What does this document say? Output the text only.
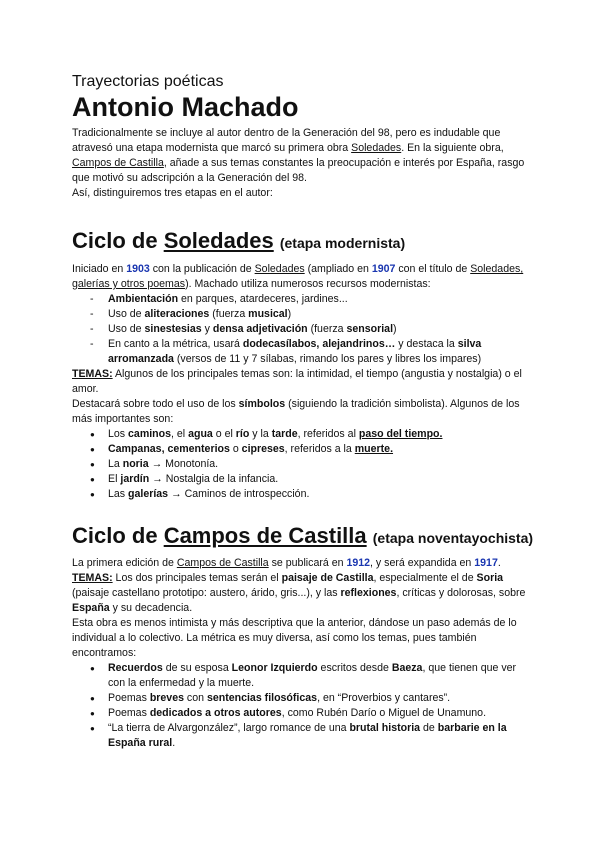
Trayectorias poéticas
Antonio Machado

Tradicionalmente se incluye al autor dentro de la Generación del 98, pero es indudable que atravesó una etapa modernista que marcó su primera obra Soledades. En la siguiente obra, Campos de Castilla, añade a sus temas constantes la preocupación e interés por España, rasgo que motivó su adscripción a la Generación del 98.

Así, distinguiremos tres etapas en el autor:

Ciclo de Soledades (etapa modernista)

Iniciado en 1903 con la publicación de Soledades (ampliado en 1907 con el título de Soledades, galerías y otros poemas). Machado utiliza numerosos recursos modernistas:

- Ambientación en parques, atardeceres, jardines...
- Uso de aliteraciones (fuerza musical)
- Uso de sinestesias y densa adjetivación (fuerza sensorial)
- En canto a la métrica, usará dodecasílabos, alejandrinos… y destaca la silva arromanzada (versos de 11 y 7 sílabas, rimando los pares y libres los impares)

TEMAS: Algunos de los principales temas son: la intimidad, el tiempo (angustia y nostalgia) o el amor.

Destacará sobre todo el uso de los símbolos (siguiendo la tradición simbolista). Algunos de los más importantes son:

● Los caminos, el agua o el río y la tarde, referidos al paso del tiempo.
● Campanas, cementerios o cipreses, referidos a la muerte.
● La noria → Monotonía.
● El jardín → Nostalgia de la infancia.
● Las galerías → Caminos de introspección.
Ciclo de Campos de Castilla (etapa noventayochista)

La primera edición de Campos de Castilla se publicará en 1912, y será expandida en 1917.

TEMAS: Los dos principales temas serán el paisaje de Castilla, especialmente el de Soria (paisaje castellano prototipo: austero, árido, gris...), y las reflexiones, críticas y dolorosas, sobre España y su decadencia.

Esta obra es menos intimista y más descriptiva que la anterior, dándose un paso además de lo individual a lo colectivo. La métrica es muy diversa, así como los temas, pues también encontramos:

● Recuerdos de su esposa Leonor Izquierdo escritos desde Baeza, que tienen que ver con la enfermedad y la muerte.
● Poemas breves con sentencias filosóficas, en “Proverbios y cantares”.
● Poemas dedicados a otros autores, como Rubén Darío o Miguel de Unamuno.
● “La tierra de Alvargonzález”, largo romance de una brutal historia de barbarie en la España rural.
